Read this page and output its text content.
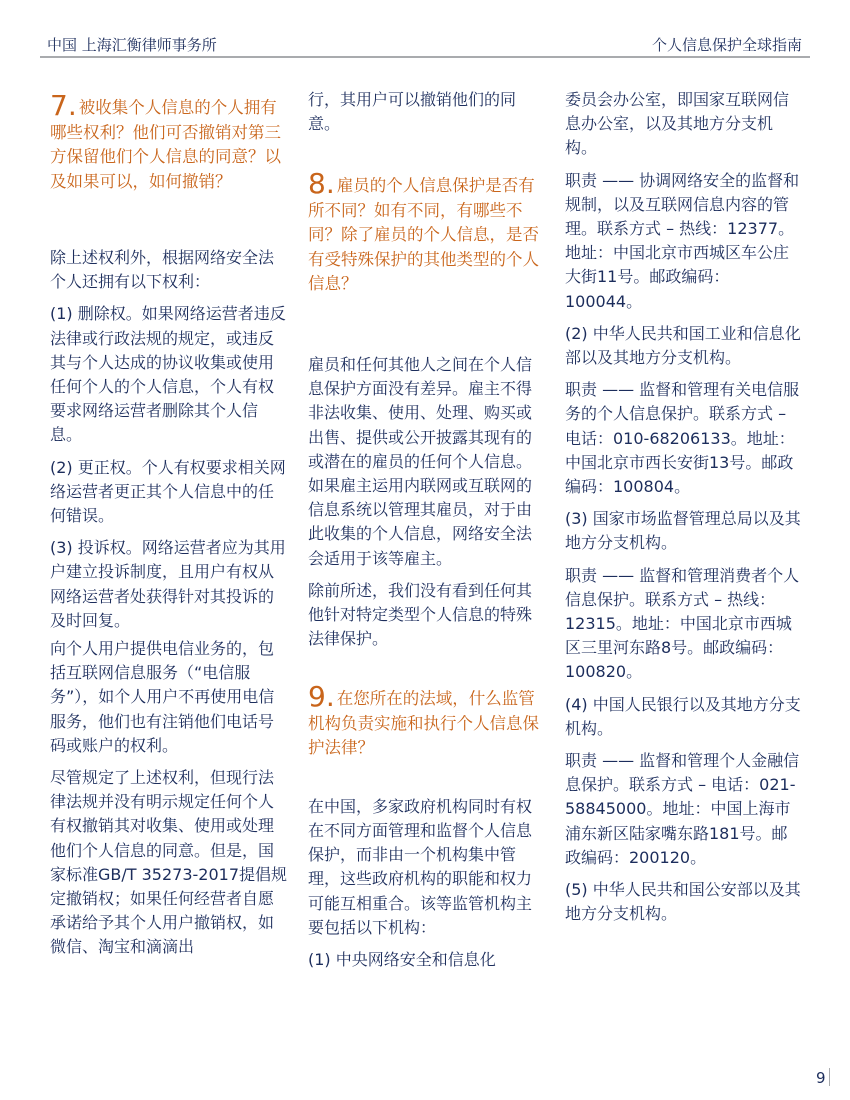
中国 上海汇衡律师事务所	个人信息保护全球指南
7. 被收集个人信息的个人拥有哪些权利？他们可否撤销对第三方保留他们个人信息的同意？以及如果可以，如何撤销？

除上述权利外，根据网络安全法个人还拥有以下权利：

(1) 删除权。如果网络运营者违反法律或行政法规的规定，或违反其与个人达成的协议收集或使用任何个人的个人信息，个人有权要求网络运营者删除其个人信息。

(2) 更正权。个人有权要求相关网络运营者更正其个人信息中的任何错误。

(3) 投诉权。网络运营者应为其用户建立投诉制度，且用户有权从网络运营者处获得针对其投诉的及时回复。

向个人用户提供电信业务的，包括互联网信息服务（“电信服务”），如个人用户不再使用电信服务，他们也有注销他们电话号码或账户的权利。

尽管规定了上述权利，但现行法律法规并没有明示规定任何个人有权撤销其对收集、使用或处理他们个人信息的同意。但是，国家标准GB/T 35273-2017提倡规定撤销权；如果任何经营者自愿承诺给予其个人用户撤销权，如微信、淘宝和滴滴出

行，其用户可以撤销他们的同意。

8. 雇员的个人信息保护是否有所不同？如有不同，有哪些不同？除了雇员的个人信息，是否有受特殊保护的其他类型的个人信息？

雇员和任何其他人之间在个人信息保护方面没有差异。雇主不得非法收集、使用、处理、购买或出售、提供或公开披露其现有的或潜在的雇员的任何个人信息。如果雇主运用内联网或互联网的信息系统以管理其雇员，对于由此收集的个人信息，网络安全法会适用于该等雇主。

除前所述，我们没有看到任何其他针对特定类型个人信息的特殊法律保护。

9. 在您所在的法域，什么监管机构负责实施和执行个人信息保护法律？

在中国，多家政府机构同时有权在不同方面管理和监督个人信息保护，而非由一个机构集中管理，这些政府机构的职能和权力可能互相重合。该等监管机构主要包括以下机构：

(1) 中央网络安全和信息化

委员会办公室，即国家互联网信息办公室，以及其地方分支机构。

职责 —— 协调网络安全的监督和规制，以及互联网信息内容的管理。联系方式 – 热线：12377。地址：中国北京市西城区车公庄大街11号。邮政编码：100044。

(2) 中华人民共和国工业和信息化部以及其地方分支机构。

职责 —— 监督和管理有关电信服务的个人信息保护。联系方式 – 电话：010-68206133。地址：中国北京市西长安街13号。邮政编码：100804。

(3) 国家市场监督管理总局以及其地方分支机构。

职责 —— 监督和管理消费者个人信息保护。联系方式 – 热线：12315。地址：中国北京市西城区三里河东路8号。邮政编码：100820。

(4) 中国人民银行以及其地方分支机构。

职责 —— 监督和管理个人金融信息保护。联系方式 – 电话：021-58845000。地址：中国上海市浦东新区陆家嘴东路181号。邮政编码：200120。

(5) 中华人民共和国公安部以及其地方分支机构。

9
